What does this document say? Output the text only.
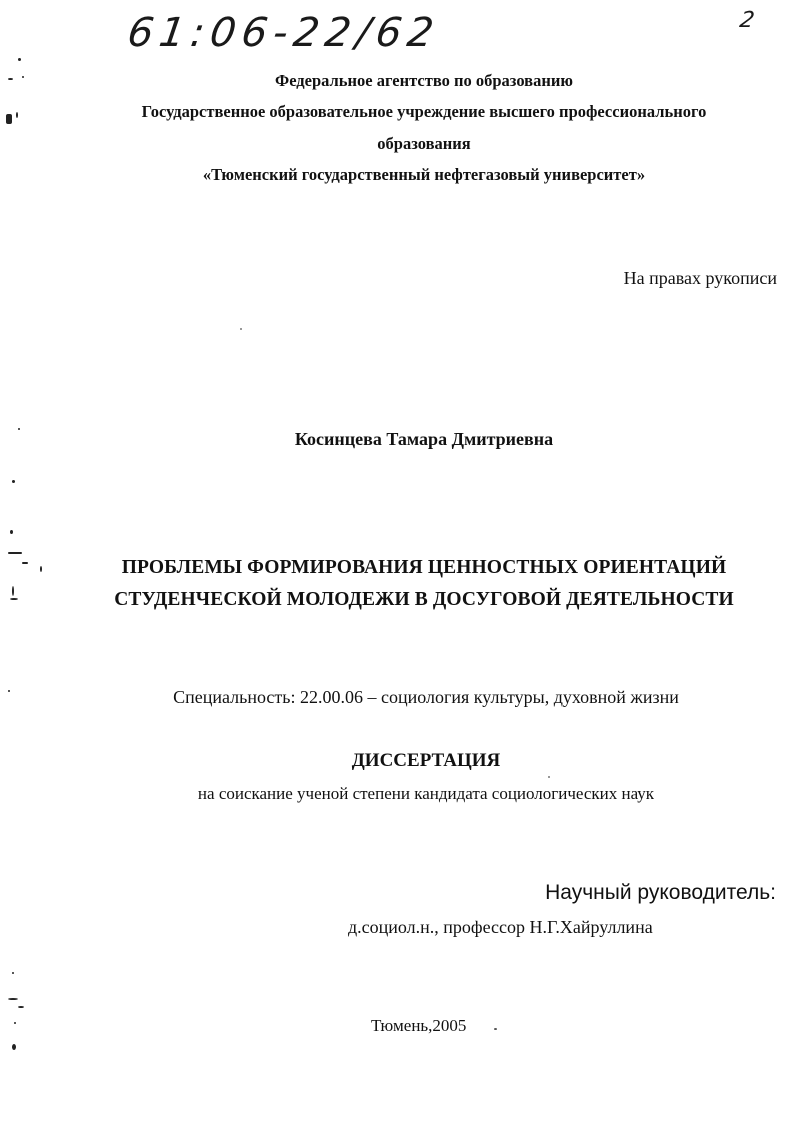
61:06-22/62	2
Федеральное агентство по образованию
Государственное образовательное учреждение высшего профессионального
образования
«Тюменский государственный нефтегазовый университет»
На правах рукописи
Косинцева Тамара Дмитриевна
ПРОБЛЕМЫ ФОРМИРОВАНИЯ ЦЕННОСТНЫХ ОРИЕНТАЦИЙ
СТУДЕНЧЕСКОЙ МОЛОДЕЖИ В ДОСУГОВОЙ ДЕЯТЕЛЬНОСТИ
Специальность: 22.00.06 – социология культуры, духовной жизни
ДИССЕРТАЦИЯ
на соискание ученой степени кандидата социологических наук
Научный руководитель:
д.социол.н., профессор Н.Г.Хайруллина
Тюмень,2005
